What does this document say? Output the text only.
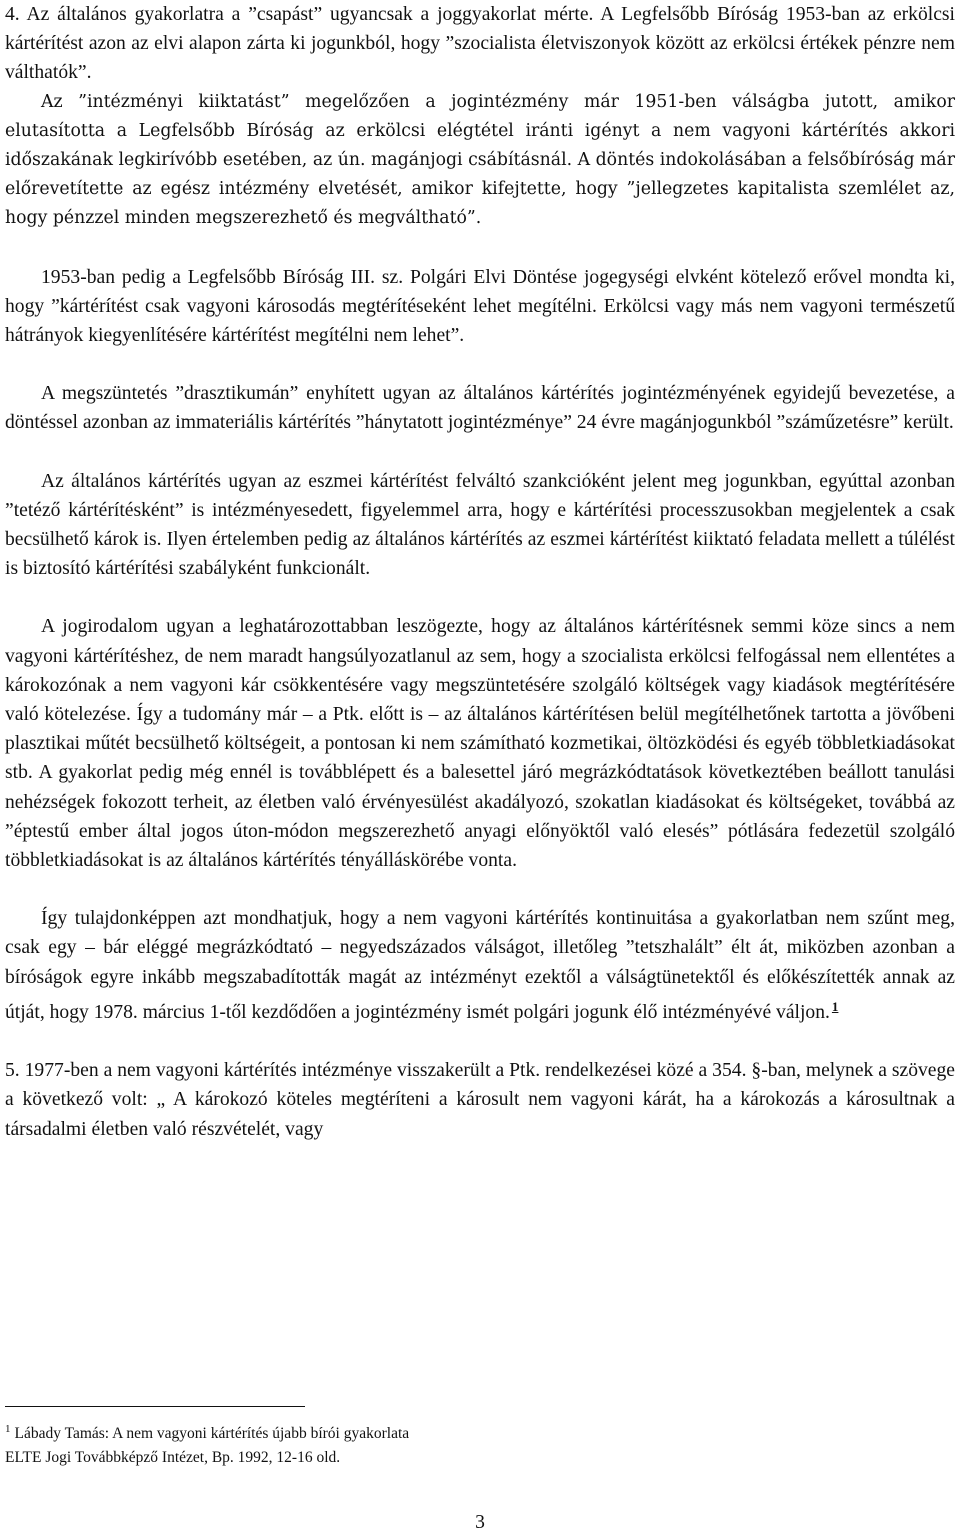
4. Az általános gyakorlatra a ”csapást” ugyancsak a joggyakorlat mérte. A Legfelsőbb Bíróság 1953-ban az erkölcsi kártérítést azon az elvi alapon zárta ki jogunkból, hogy ”szocialista életviszonyok között az erkölcsi értékek pénzre nem válthatók”.

Az ”intézményi kiiktatást” megelőzően a jogintézmény már 1951-ben válságba jutott, amikor elutasította a Legfelsőbb Bíróság az erkölcsi elégtétel iránti igényt a nem vagyoni kártérítés akkori időszakának legkirívóbb esetében, az ún. magánjogi csábításnál. A döntés indokolásában a felsőbíróság már előrevetítette az egész intézmény elvetését, amikor kifejtette, hogy ”jellegzetes kapitalista szemlélet az, hogy pénzzel minden megszerezhető és megváltható”.

1953-ban pedig a Legfelsőbb Bíróság III. sz. Polgári Elvi Döntése jogegységi elvként kötelező erővel mondta ki, hogy ”kártérítést csak vagyoni károsodás megtérítéseként lehet megítélni. Erkölcsi vagy más nem vagyoni természetű hátrányok kiegyenlítésére kártérítést megítélni nem lehet”.

A megszüntetés ”drasztikumán” enyhített ugyan az általános kártérítés jogintézményének egyidejű bevezetése, a döntéssel azonban az immateriális kártérítés ”hánytatott jogintézménye” 24 évre magánjogunkból ”száműzetésre” került.

Az általános kártérítés ugyan az eszmei kártérítést felváltó szankcióként jelent meg jogunkban, egyúttal azonban ”tetéző kártérítésként” is intézményesedett, figyelemmel arra, hogy e kártérítési processzusokban megjelentek a csak becsülhető károk is. Ilyen értelemben pedig az általános kártérítés az eszmei kártérítést kiiktató feladata mellett a túlélést is biztosító kártérítési szabályként funkcionált.

A jogirodalom ugyan a leghatározottabban leszögezte, hogy az általános kártérítésnek semmi köze sincs a nem vagyoni kártérítéshez, de nem maradt hangsúlyozatlanul az sem, hogy a szocialista erkölcsi felfogással nem ellentétes a károkozónak a nem vagyoni kár csökkentésére vagy megszüntetésére szolgáló költségek vagy kiadások megtérítésére való kötelezése. Így a tudomány már – a Ptk. előtt is – az általános kártérítésen belül megítélhetőnek tartotta a jövőbeni plasztikai műtét becsülhető költségeit, a pontosan ki nem számítható kozmetikai, öltözködési és egyéb többletkiadásokat stb. A gyakorlat pedig még ennél is továbblépett és a balesettel járó megrázkódtatások következtében beállott tanulási nehézségek fokozott terheit, az életben való érvényesülést akadályozó, szokatlan kiadásokat és költségeket, továbbá az ”éptestű ember által jogos úton-módon megszerezhető anyagi előnyöktől való elesés” pótlására fedezetül szolgáló többletkiadásokat is az általános kártérítés tényálláskörébe vonta.

Így tulajdonképpen azt mondhatjuk, hogy a nem vagyoni kártérítés kontinuitása a gyakorlatban nem szűnt meg, csak egy – bár eléggé megrázkódtató – negyedszázados válságot, illetőleg ”tetszhalált” élt át, miközben azonban a bíróságok egyre inkább megszabadították magát az intézményt ezektől a válságtünetektől és előkészítették annak az útját, hogy 1978. március 1-től kezdődően a jogintézmény ismét polgári jogunk élő intézményévé váljon. $^1$

5. 1977-ben a nem vagyoni kártérítés intézménye visszakerült a Ptk. rendelkezései közé a 354. §-ban, melynek a szövege a következő volt: „ A károkozó köteles megtéríteni a károsult nem vagyoni kárát, ha a károkozás a károsultnak a társadalmi életben való részvételét, vagy

$^1$ Lábady Tamás: A nem vagyoni kártérítés újabb bírói gyakorlata
ELTE Jogi Továbbképző Intézet, Bp. 1992, 12-16 old.
3
